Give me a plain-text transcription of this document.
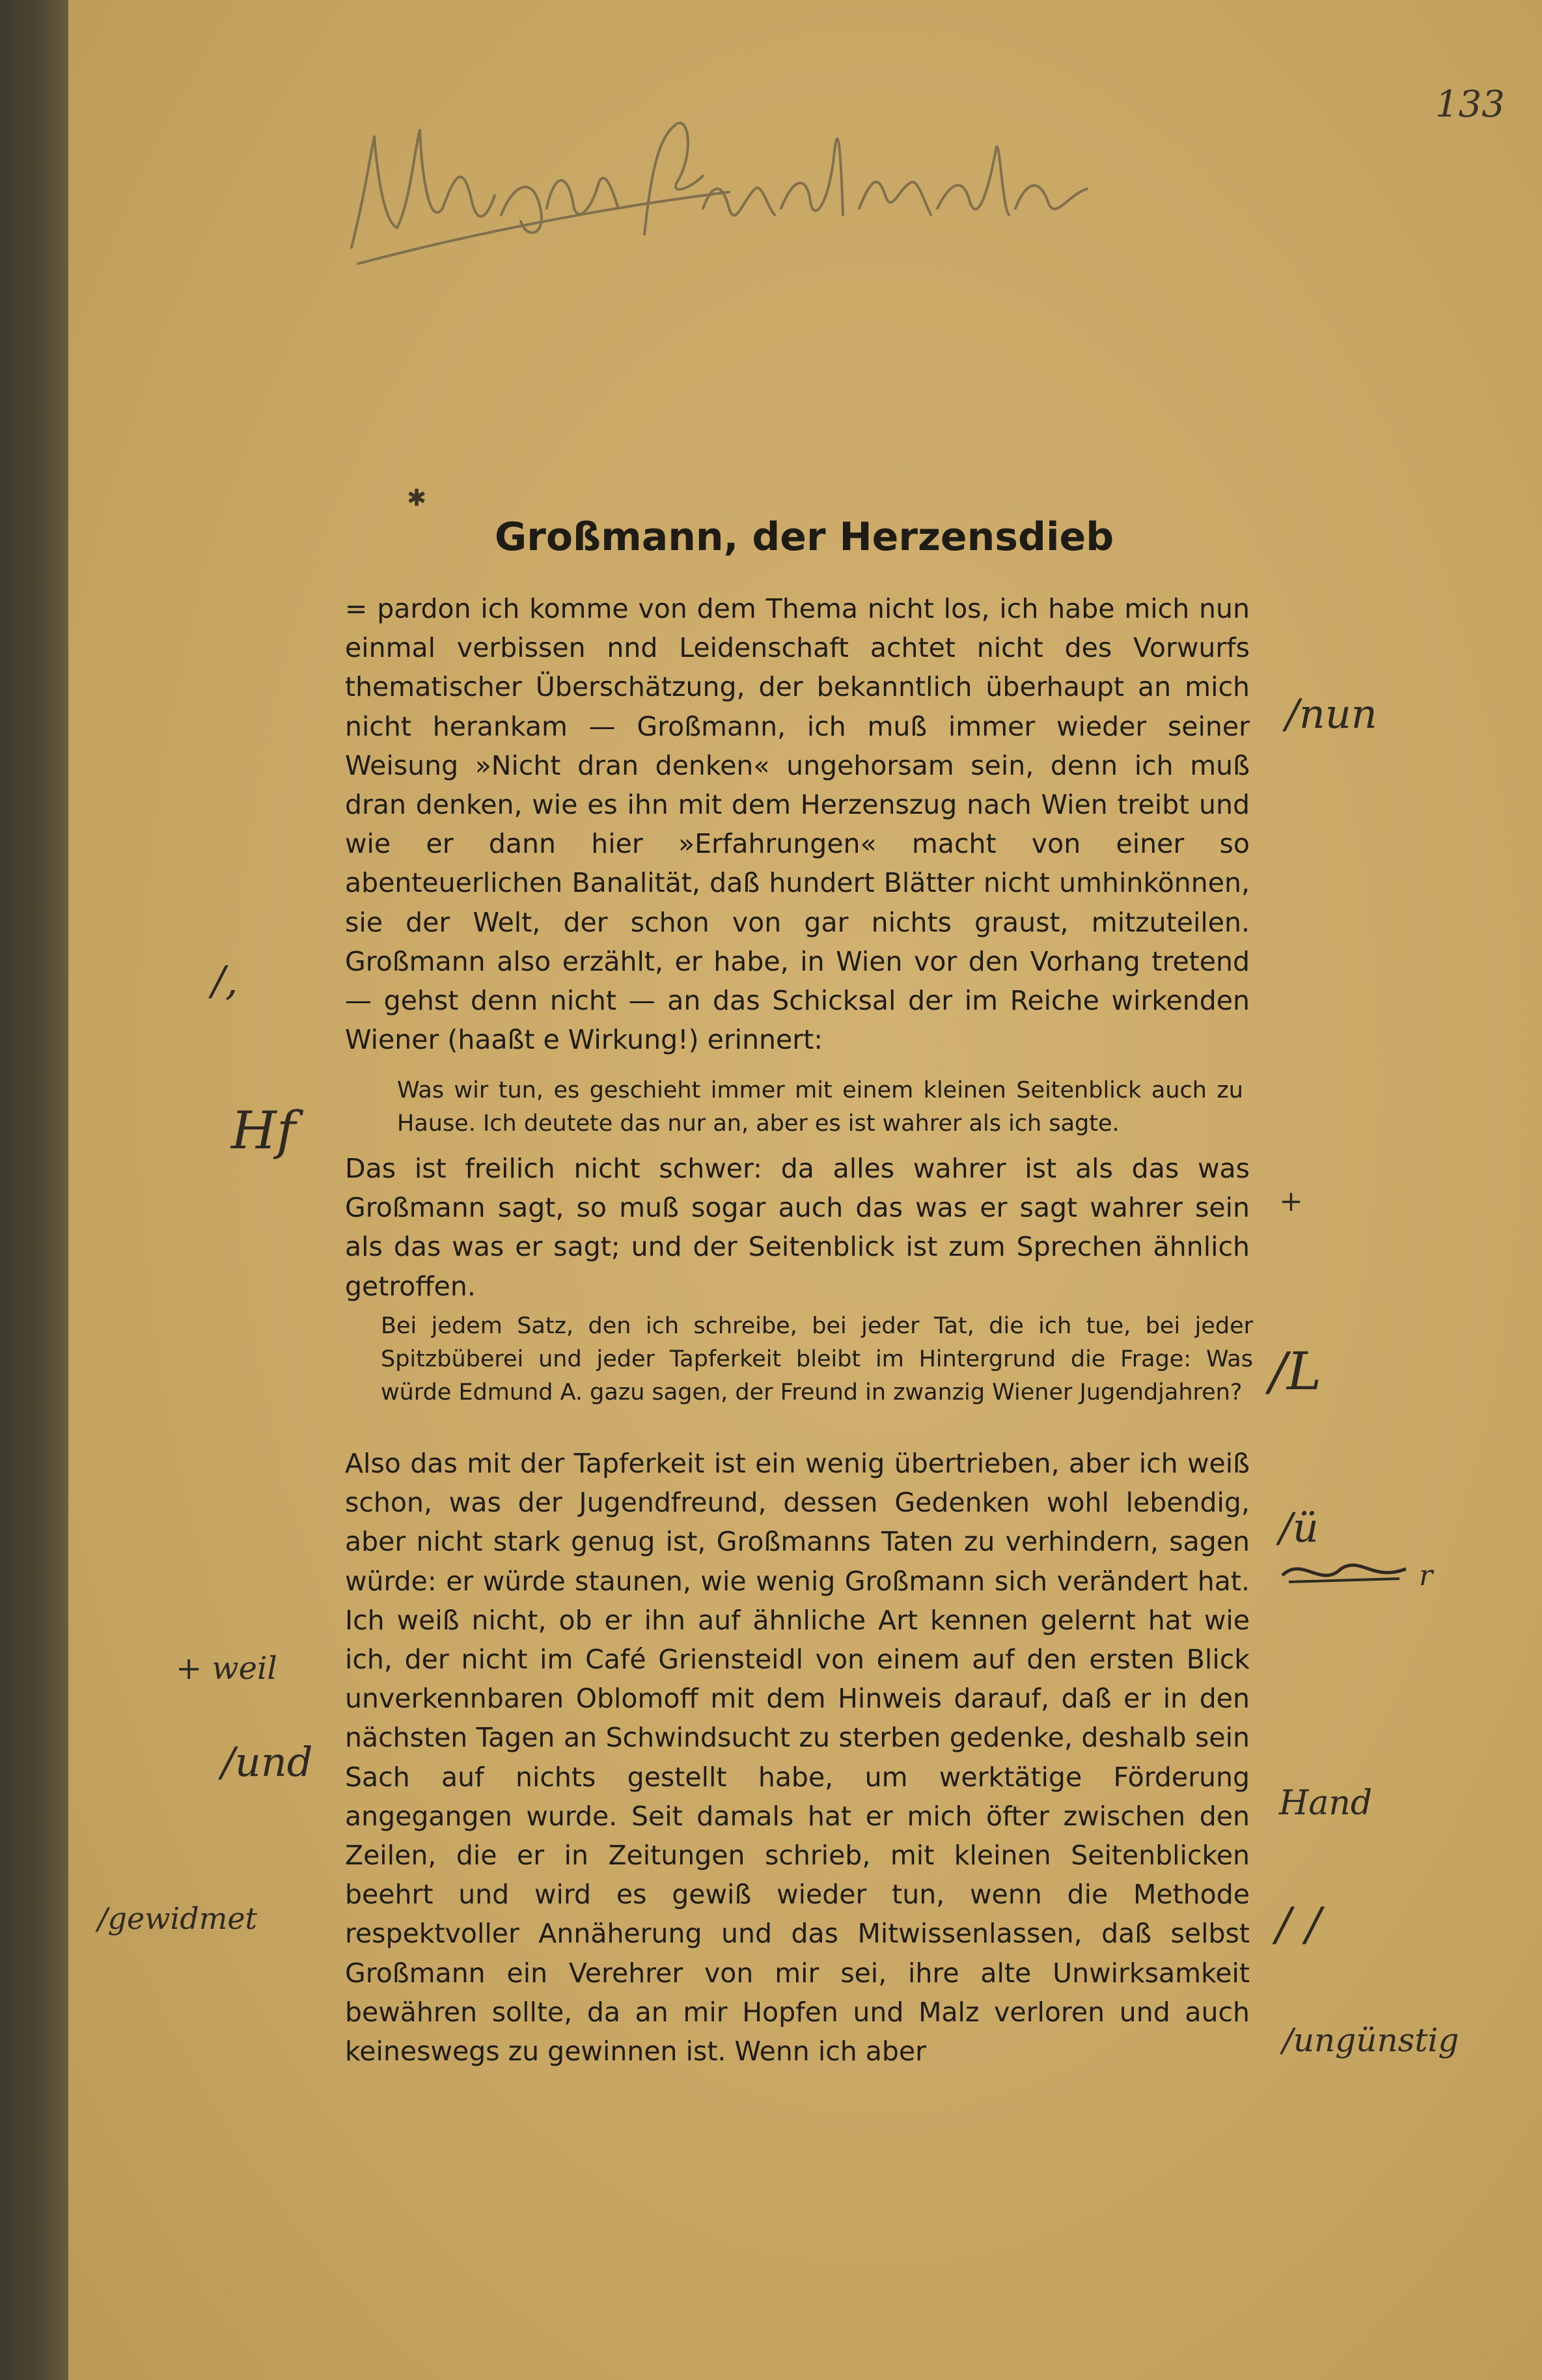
133
✱
Großmann, der Herzensdieb

= pardon ich komme von dem Thema nicht los, ich habe mich nun einmal verbissen nnd Leidenschaft achtet nicht des Vorwurfs thematischer Überschätzung, der bekanntlich überhaupt an mich nicht herankam — Großmann, ich muß immer wieder seiner Weisung »Nicht dran denken« ungehorsam sein, denn ich muß dran denken, wie es ihn mit dem Herzenszug nach Wien treibt und wie er dann hier »Erfahrungen« macht von einer so abenteuerlichen Banalität, daß hundert Blätter nicht umhinkönnen, sie der Welt, der schon von gar nichts graust, mitzuteilen. Großmann also erzählt, er habe, in Wien vor den Vorhang tretend — gehst denn nicht — an das Schicksal der im Reiche wirkenden Wiener (haaßt e Wirkung!) erinnert:

Was wir tun, es geschieht immer mit einem kleinen Seitenblick auch zu Hause. Ich deutete das nur an, aber es ist wahrer als ich sagte.

Das ist freilich nicht schwer: da alles wahrer ist als das was Großmann sagt, so muß sogar auch das was er sagt wahrer sein als das was er sagt; und der Seitenblick ist zum Sprechen ähnlich getroffen.

Bei jedem Satz, den ich schreibe, bei jeder Tat, die ich tue, bei jeder Spitzbüberei und jeder Tapferkeit bleibt im Hintergrund die Frage: Was würde Edmund A. gazu sagen, der Freund in zwanzig Wiener Jugendjahren?

Also das mit der Tapferkeit ist ein wenig übertrieben, aber ich weiß schon, was der Jugendfreund, dessen Gedenken wohl lebendig, aber nicht stark genug ist, Großmanns Taten zu verhindern, sagen würde: er würde staunen, wie wenig Großmann sich verändert hat. Ich weiß nicht, ob er ihn auf ähnliche Art kennen gelernt hat wie ich, der nicht im Café Griensteidl von einem auf den ersten Blick unverkennbaren Oblomoff mit dem Hinweis darauf, daß er in den nächsten Tagen an Schwindsucht zu sterben gedenke, deshalb sein Sach auf nichts gestellt habe, um werktätige Förderung angegangen wurde. Seit damals hat er mich öfter zwischen den Zeilen, die er in Zeitungen schrieb, mit kleinen Seitenblicken beehrt und wird es gewiß wieder tun, wenn die Methode respektvoller Annäherung und das Mitwissenlassen, daß selbst Großmann ein Verehrer von mir sei, ihre alte Unwirksamkeit bewähren sollte, da an mir Hopfen und Malz verloren und auch keineswegs zu gewinnen ist. Wenn ich aber

/nun
/,
Hf
+
/L
/ü
r
+ weil
/und
Hand
/gewidmet	/ /
/ungünstig
